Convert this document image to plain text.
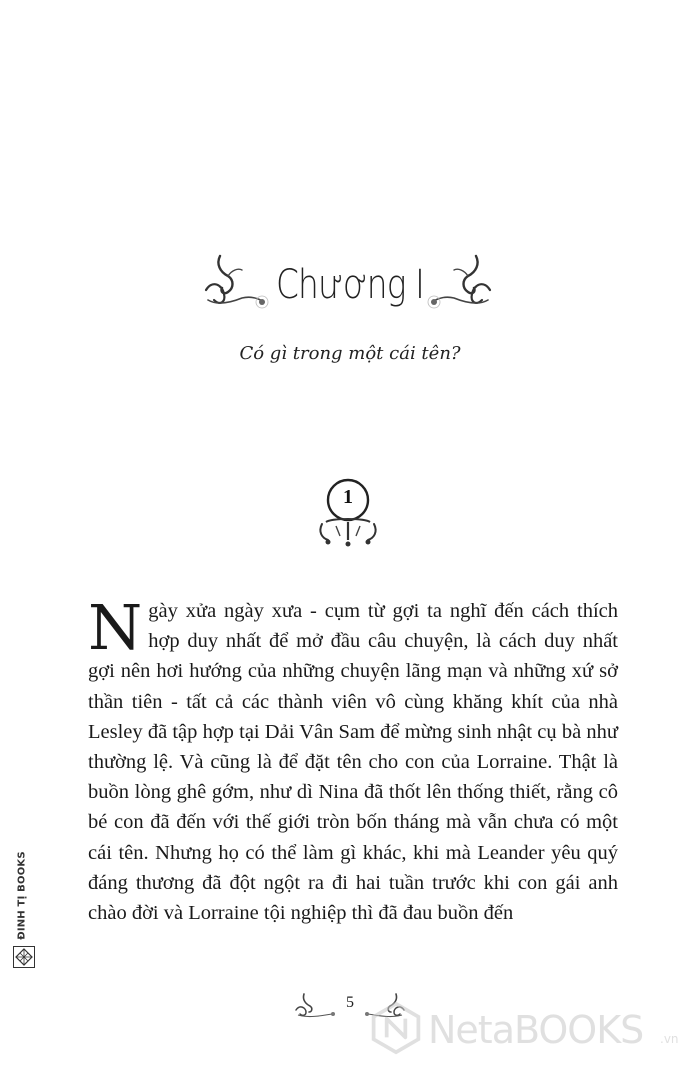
Chương I
Có gì trong một cái tên?
1

Ngày xửa ngày xưa - cụm từ gợi ta nghĩ đến cách thích hợp duy nhất để mở đầu câu chuyện, là cách duy nhất gợi nên hơi hướng của những chuyện lãng mạn và những xứ sở thần tiên - tất cả các thành viên vô cùng khăng khít của nhà Lesley đã tập hợp tại Dải Vân Sam để mừng sinh nhật cụ bà như thường lệ. Và cũng là để đặt tên cho con của Lorraine. Thật là buồn lòng ghê gớm, như dì Nina đã thốt lên thống thiết, rằng cô bé con đã đến với thế giới tròn bốn tháng mà vẫn chưa có một cái tên. Nhưng họ có thể làm gì khác, khi mà Leander yêu quý đáng thương đã đột ngột ra đi hai tuần trước khi con gái anh chào đời và Lorraine tội nghiệp thì đã đau buồn đến

5
ĐINH TỊ BOOKS
NetaBOOKS .vn
